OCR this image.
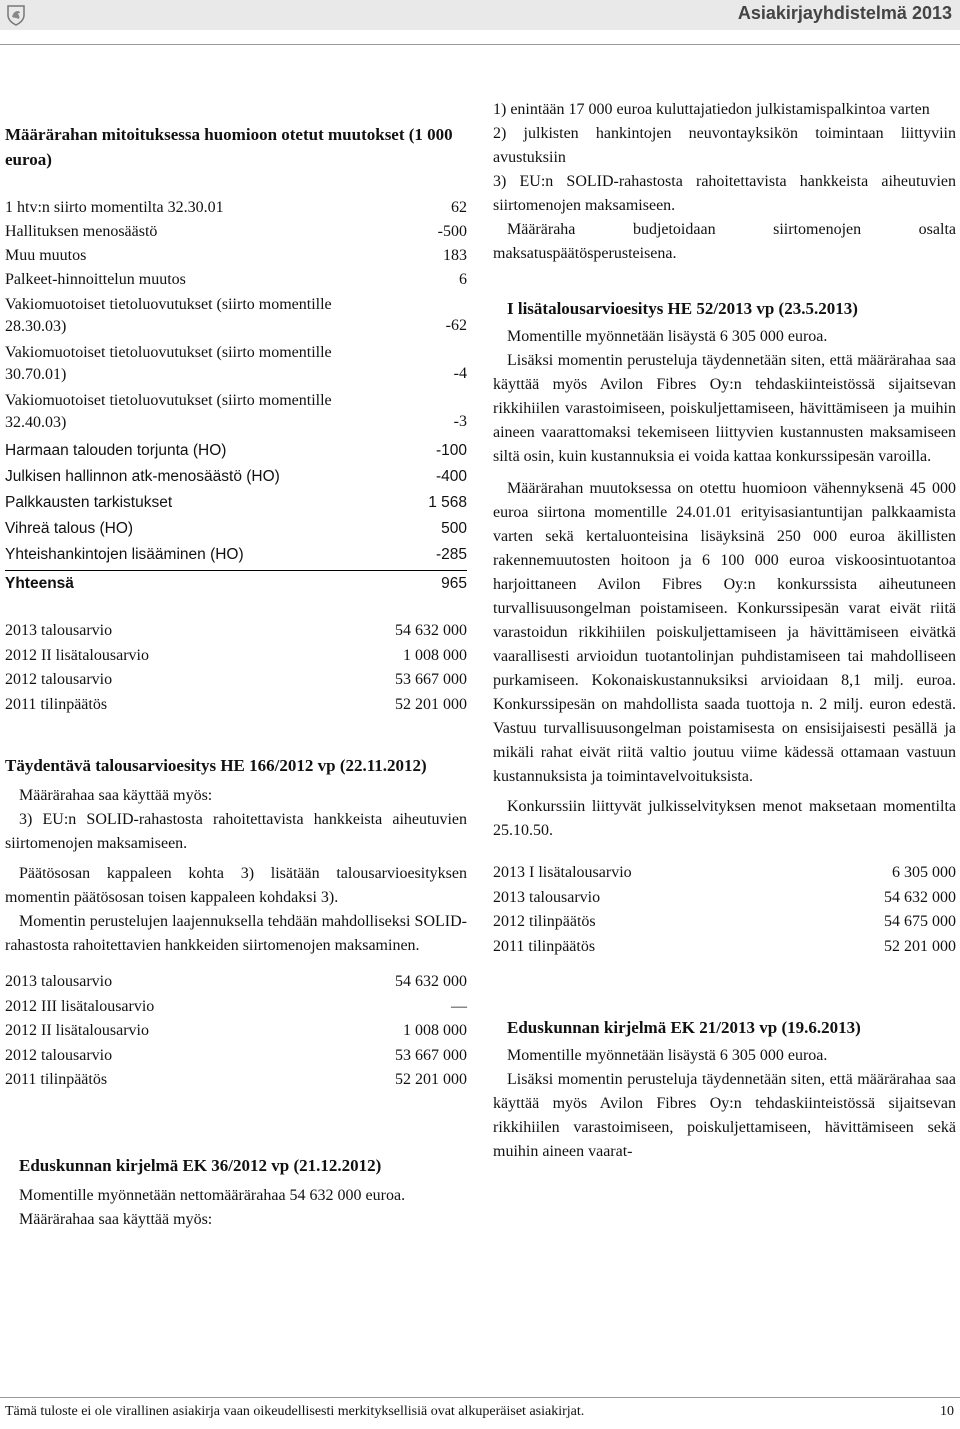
Asiakirjayhdistelmä 2013
Määrärahan mitoituksessa huomioon otetut muutokset (1 000 euroa)
1 htv:n siirto momentilta 32.30.01	62
Hallituksen menosäästö	-500
Muu muutos	183
Palkeet-hinnoittelun muutos	6
Vakiomuotoiset tietoluovutukset (siirto momentille 28.30.03)	-62
Vakiomuotoiset tietoluovutukset (siirto momentille 30.70.01)	-4
Vakiomuotoiset tietoluovutukset (siirto momentille 32.40.03)	-3
Harmaan talouden torjunta (HO)	-100
Julkisen hallinnon atk-menosäästö (HO)	-400
Palkkausten tarkistukset	1 568
Vihreä talous (HO)	500
Yhteishankintojen lisääminen (HO)	-285
Yhteensä	965
2013 talousarvio	54 632 000
2012 II lisätalousarvio	1 008 000
2012 talousarvio	53 667 000
2011 tilinpäätös	52 201 000
Täydentävä talousarvioesitys HE 166/2012 vp (22.11.2012)

Määrärahaa saa käyttää myös:

3) EU:n SOLID-rahastosta rahoitettavista hankkeista aiheutuvien siirtomenojen maksamiseen.

Päätösosan kappaleen kohta 3) lisätään talousarvioesityksen momentin päätösosan toisen kappaleen kohdaksi 3).

Momentin perustelujen laajennuksella tehdään mahdolliseksi SOLID-rahastosta rahoitettavien hankkeiden siirtomenojen maksaminen.

2013 talousarvio	54 632 000
2012 III lisätalousarvio	—
2012 II lisätalousarvio	1 008 000
2012 talousarvio	53 667 000
2011 tilinpäätös	52 201 000
Eduskunnan kirjelmä EK 36/2012 vp (21.12.2012)

Momentille myönnetään nettomäärärahaa 54 632 000 euroa.

Määrärahaa saa käyttää myös:

1) enintään 17 000 euroa kuluttajatiedon julkistamispalkintoa varten

2) julkisten hankintojen neuvontayksikön toimintaan liittyviin avustuksiin

3) EU:n SOLID-rahastosta rahoitettavista hankkeista aiheutuvien siirtomenojen maksamiseen.

Määräraha budjetoidaan siirtomenojen osalta maksatuspäätösperusteisena.

I lisätalousarvioesitys HE 52/2013 vp (23.5.2013)

Momentille myönnetään lisäystä 6 305 000 euroa.

Lisäksi momentin perusteluja täydennetään siten, että määrärahaa saa käyttää myös Avilon Fibres Oy:n tehdaskiinteistössä sijaitsevan rikkihiilen varastoimiseen, poiskuljettamiseen, hävittämiseen ja muihin aineen vaarattomaksi tekemiseen liittyvien kustannusten maksamiseen siltä osin, kuin kustannuksia ei voida kattaa konkurssipesän varoilla.

Määrärahan muutoksessa on otettu huomioon vähennyksenä 45 000 euroa siirtona momentille 24.01.01 erityisasiantuntijan palkkaamista varten sekä kertaluonteisina lisäyksinä 250 000 euroa äkillisten rakennemuutosten hoitoon ja 6 100 000 euroa viskoosintuotantoa harjoittaneen Avilon Fibres Oy:n konkurssista aiheutuneen turvallisuusongelman poistamiseen. Konkurssipesän varat eivät riitä varastoidun rikkihiilen poiskuljettamiseen ja hävittämiseen eivätkä vaarallisesti arvioidun tuotantolinjan puhdistamiseen tai mahdolliseen purkamiseen. Kokonaiskustannuksiksi arvioidaan 8,1 milj. euroa. Konkurssipesän on mahdollista saada tuottoja n. 2 milj. euron edestä. Vastuu turvallisuusongelman poistamisesta on ensisijaisesti pesällä ja mikäli rahat eivät riitä valtio joutuu viime kädessä ottamaan vastuun kustannuksista ja toimintavelvoituksista.

Konkurssiin liittyvät julkisselvityksen menot maksetaan momentilta 25.10.50.

2013 I lisätalousarvio	6 305 000
2013 talousarvio	54 632 000
2012 tilinpäätös	54 675 000
2011 tilinpäätös	52 201 000
Eduskunnan kirjelmä EK 21/2013 vp (19.6.2013)

Momentille myönnetään lisäystä 6 305 000 euroa.

Lisäksi momentin perusteluja täydennetään siten, että määrärahaa saa käyttää myös Avilon Fibres Oy:n tehdaskiinteistössä sijaitsevan rikkihiilen varastoimiseen, poiskuljettamiseen, hävittämiseen sekä muihin aineen vaarat-

Tämä tuloste ei ole virallinen asiakirja vaan oikeudellisesti merkityksellisiä ovat alkuperäiset asiakirjat.	10
